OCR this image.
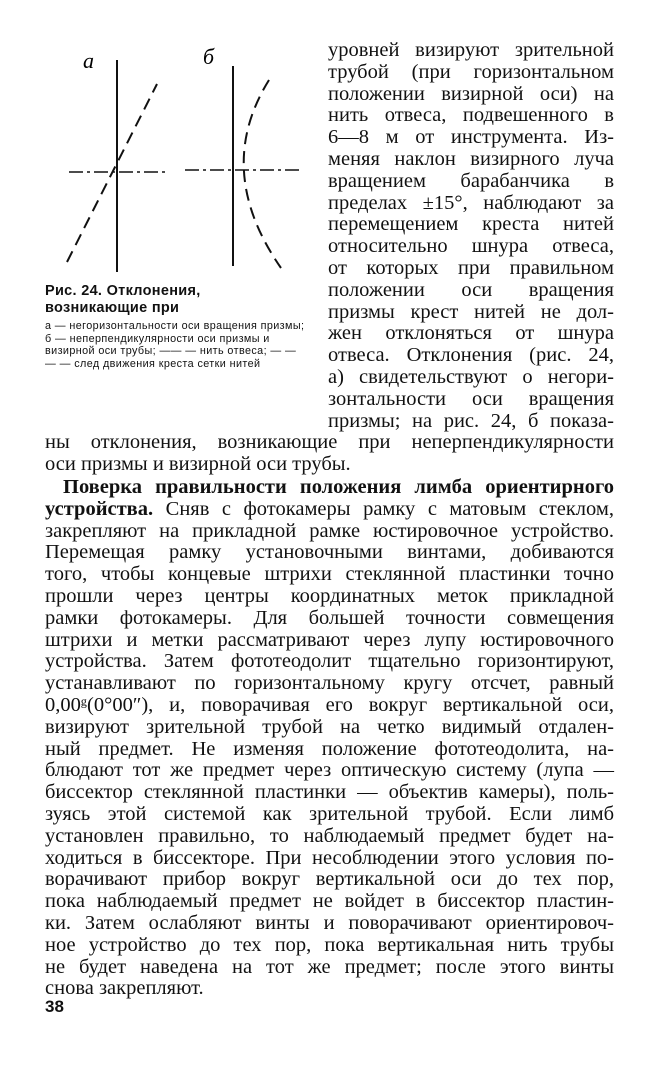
а	б

Рис. 24. Отклонения, возникающие при

а — негоризонтальности оси вращения призмы; б — неперпендикулярности оси призмы и визирной оси трубы; —— — нить отвеса; — — — — след движения креста сетки нитей

уровней визируют зрительной
трубой (при горизонтальном
положении визирной оси) на
нить отвеса, подвешенного в
6—8 м от инструмента. Из-
меняя наклон визирного луча
вращением барабанчика в
пределах ±15°, наблюдают за
перемещением креста нитей
относительно шнура отвеса,
от которых при правильном
положении оси вращения
призмы крест нитей не дол-
жен отклоняться от шнура
отвеса. Отклонения (рис. 24,
а) свидетельствуют о негори-
зонтальности оси вращения
призмы; на рис. 24, б показа-
ны отклонения, возникающие при неперпендикулярности
оси призмы и визирной оси трубы.
Поверка правильности положения лимба ориентирного
устройства. Сняв с фотокамеры рамку с матовым стеклом,
закрепляют на прикладной рамке юстировочное устройство.
Перемещая рамку установочными винтами, добиваются
того, чтобы концевые штрихи стеклянной пластинки точно
прошли через центры координатных меток прикладной
рамки фотокамеры. Для большей точности совмещения
штрихи и метки рассматривают через лупу юстировочного
устройства. Затем фототеодолит тщательно горизонтируют,
устанавливают по горизонтальному кругу отсчет, равный
0,00ᵍ(0°00″), и, поворачивая его вокруг вертикальной оси,
визируют зрительной трубой на четко видимый отдален-
ный предмет. Не изменяя положение фототеодолита, на-
блюдают тот же предмет через оптическую систему (лупа —
биссектор стеклянной пластинки — объектив камеры), поль-
зуясь этой системой как зрительной трубой. Если лимб
установлен правильно, то наблюдаемый предмет будет на-
ходиться в биссекторе. При несоблюдении этого условия по-
ворачивают прибор вокруг вертикальной оси до тех пор,
пока наблюдаемый предмет не войдет в биссектор пластин-
ки. Затем ослабляют винты и поворачивают ориентировоч-
ное устройство до тех пор, пока вертикальная нить трубы
не будет наведена на тот же предмет; после этого винты
снова закрепляют.
38
